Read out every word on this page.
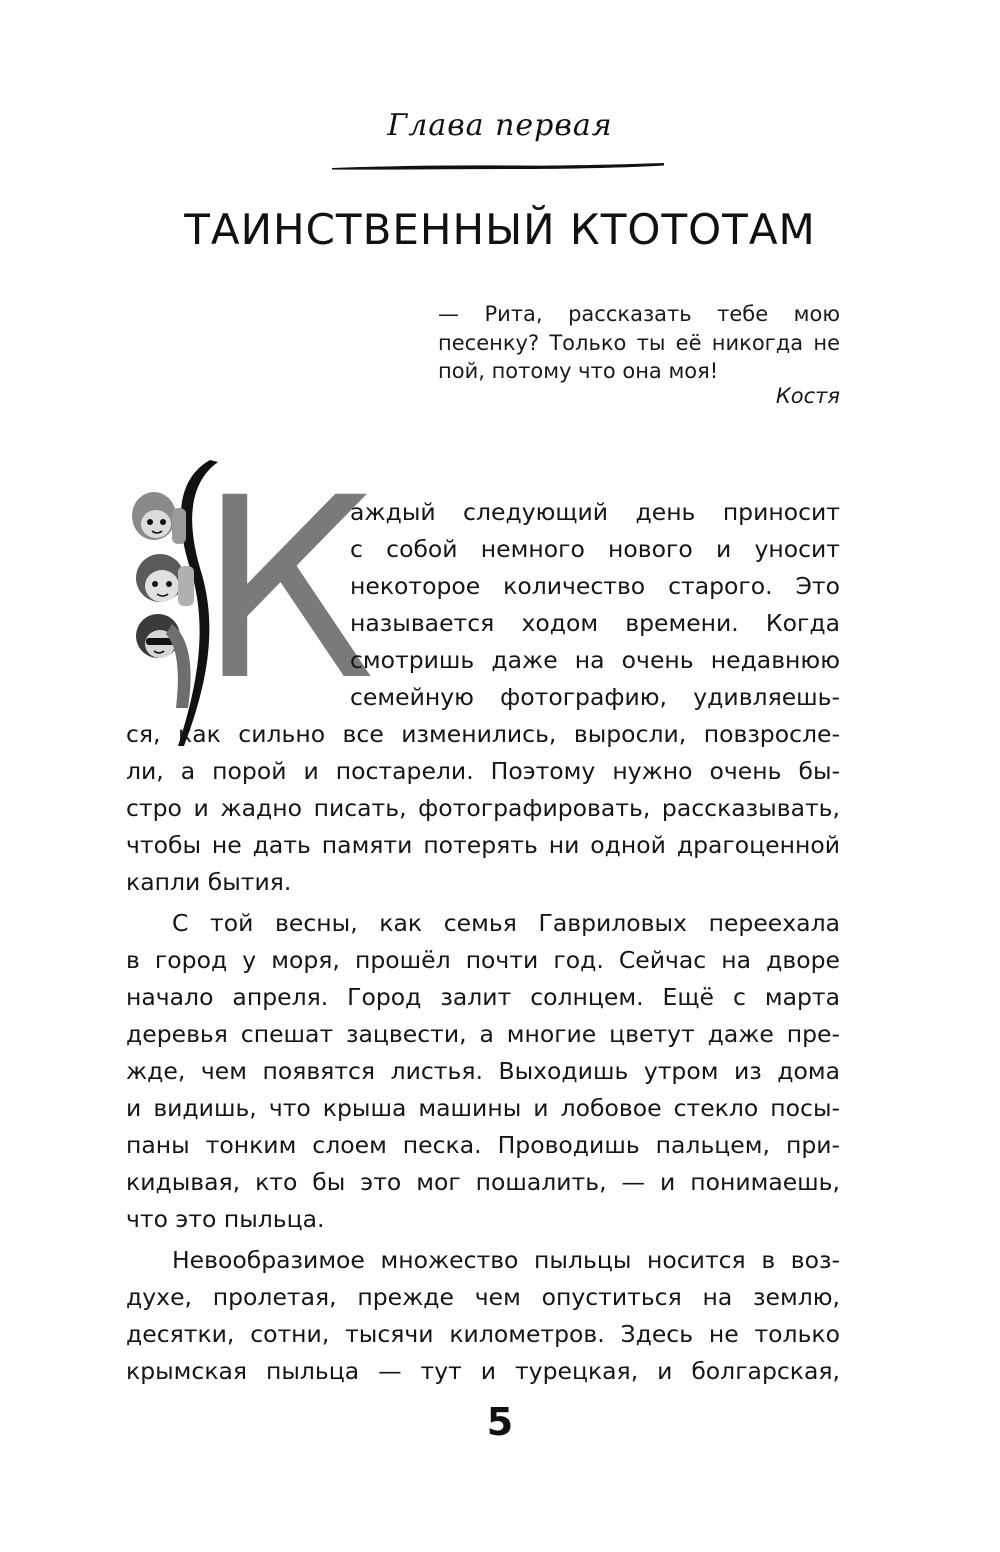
Глава первая
ТАИНСТВЕННЫЙ КТОТОТАМ
— Рита, рассказать тебе мою
песенку? Только ты её никогда не
пой, потому что она моя!
Костя
К
аждый следующий день приносит
с собой немного нового и уносит
некоторое количество старого. Это
называется ходом времени. Когда
смотришь даже на очень недавнюю
семейную фотографию, удивляешь-
ся, как сильно все изменились, выросли, повзросле-
ли, а порой и постарели. Поэтому нужно очень бы-
стро и жадно писать, фотографировать, рассказывать,
чтобы не дать памяти потерять ни одной драгоценной
капли бытия.
С той весны, как семья Гавриловых переехала
в город у моря, прошёл почти год. Сейчас на дворе
начало апреля. Город залит солнцем. Ещё с марта
деревья спешат зацвести, а многие цветут даже пре-
жде, чем появятся листья. Выходишь утром из дома
и видишь, что крыша машины и лобовое стекло посы-
паны тонким слоем песка. Проводишь пальцем, при-
кидывая, кто бы это мог пошалить, — и понимаешь,
что это пыльца.
Невообразимое множество пыльцы носится в воз-
духе, пролетая, прежде чем опуститься на землю,
десятки, сотни, тысячи километров. Здесь не только
крымская пыльца — тут и турецкая, и болгарская,
5
